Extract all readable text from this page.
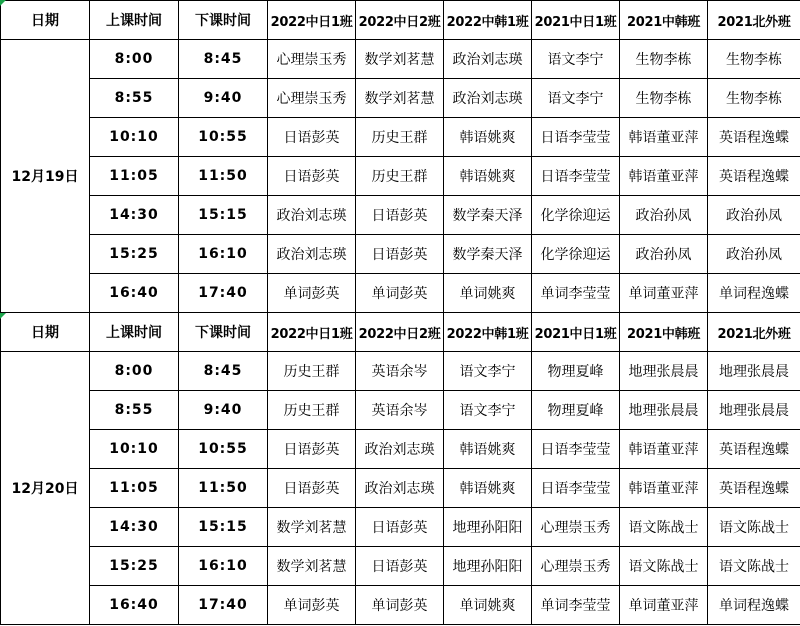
日期	上课时间	下课时间	2022中日1班	2022中日2班	2022中韩1班	2021中日1班	2021中韩班	2021北外班
12月19日	8:00	8:45	心理崇玉秀	数学刘茗慧	政治刘志瑛	语文李宁	生物李栋	生物李栋
	8:55	9:40	心理崇玉秀	数学刘茗慧	政治刘志瑛	语文李宁	生物李栋	生物李栋
	10:10	10:55	日语彭英	历史王群	韩语姚爽	日语李莹莹	韩语董亚萍	英语程逸蝶
	11:05	11:50	日语彭英	历史王群	韩语姚爽	日语李莹莹	韩语董亚萍	英语程逸蝶
	14:30	15:15	政治刘志瑛	日语彭英	数学秦天泽	化学徐迎运	政治孙凤	政治孙凤
	15:25	16:10	政治刘志瑛	日语彭英	数学秦天泽	化学徐迎运	政治孙凤	政治孙凤
	16:40	17:40	单词彭英	单词彭英	单词姚爽	单词李莹莹	单词董亚萍	单词程逸蝶
日期	上课时间	下课时间	2022中日1班	2022中日2班	2022中韩1班	2021中日1班	2021中韩班	2021北外班
12月20日	8:00	8:45	历史王群	英语余岑	语文李宁	物理夏峰	地理张晨晨	地理张晨晨
	8:55	9:40	历史王群	英语余岑	语文李宁	物理夏峰	地理张晨晨	地理张晨晨
	10:10	10:55	日语彭英	政治刘志瑛	韩语姚爽	日语李莹莹	韩语董亚萍	英语程逸蝶
	11:05	11:50	日语彭英	政治刘志瑛	韩语姚爽	日语李莹莹	韩语董亚萍	英语程逸蝶
	14:30	15:15	数学刘茗慧	日语彭英	地理孙阳阳	心理崇玉秀	语文陈战士	语文陈战士
	15:25	16:10	数学刘茗慧	日语彭英	地理孙阳阳	心理崇玉秀	语文陈战士	语文陈战士
	16:40	17:40	单词彭英	单词彭英	单词姚爽	单词李莹莹	单词董亚萍	单词程逸蝶
